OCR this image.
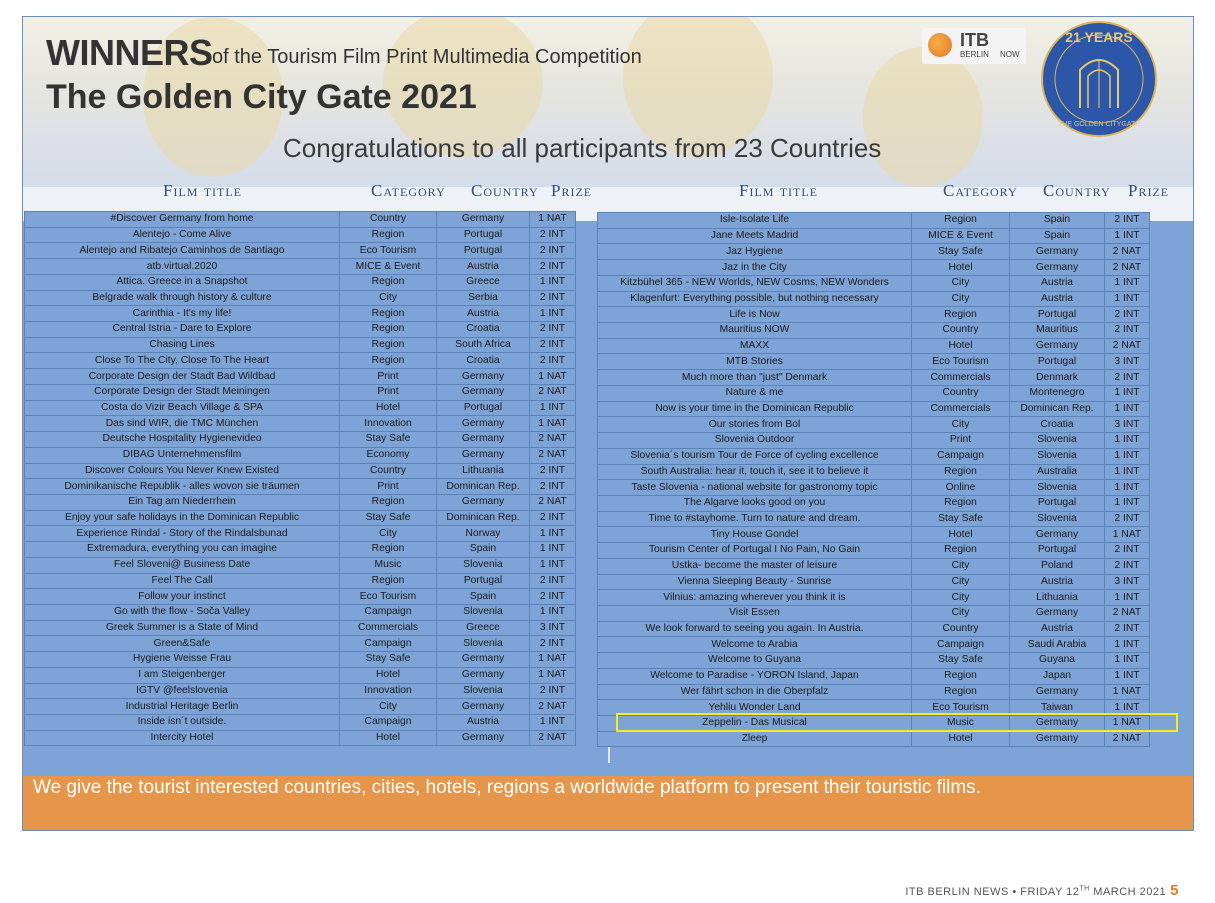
WINNERS of the Tourism Film Print Multimedia Competition
The Golden City Gate 2021
Congratulations to all participants from 23 Countries
ITB
BERLIN NOW
21 YEARS
THE GOLDEN CITYGATE
Film title	Category Country Prize	Film title	Category Country Prize
#Discover Germany from home	Country	Germany	1 NAT
Alentejo - Come Alive	Region	Portugal	2 INT
Alentejo and Ribatejo Caminhos de Santiago	Eco Tourism	Portugal	2 INT
atb.virtual.2020	MICE & Event	Austria	2 INT
Attica. Greece in a Snapshot	Region	Greece	1 INT
Belgrade walk through history & culture	City	Serbia	2 INT
Carinthia - It's my life!	Region	Austria	1 INT
Central Istria - Dare to Explore	Region	Croatia	2 INT
Chasing Lines	Region	South Africa	2 INT
Close To The City, Close To The Heart	Region	Croatia	2 INT
Corporate Design der Stadt Bad Wildbad	Print	Germany	1 NAT
Corporate Design der Stadt Meiningen	Print	Germany	2 NAT
Costa do Vizir Beach Village & SPA	Hotel	Portugal	1 INT
Das sind WIR, die TMC München	Innovation	Germany	1 NAT
Deutsche Hospitality Hygienevideo	Stay Safe	Germany	2 NAT
DIBAG Unternehmensfilm	Economy	Germany	2 NAT
Discover Colours You Never Knew Existed	Country	Lithuania	2 INT
Dominikanische Republik - alles wovon sie träumen	Print	Dominican Rep.	2 INT
Ein Tag am Niederrhein	Region	Germany	2 NAT
Enjoy your safe holidays in the Dominican Republic	Stay Safe	Dominican Rep.	2 INT
Experience Rindal - Story of the Rindalsbunad	City	Norway	1 INT
Extremadura, everything you can imagine	Region	Spain	1 INT
Feel Sloveni@ Business Date	Music	Slovenia	1 INT
Feel The Call	Region	Portugal	2 INT
Follow your instinct	Eco Tourism	Spain	2 INT
Go with the flow - Soča Valley	Campaign	Slovenia	1 INT
Greek Summer is a State of Mind	Commercials	Greece	3 INT
Green&Safe	Campaign	Slovenia	2 INT
Hygiene Weisse Frau	Stay Safe	Germany	1 NAT
I am Steigenberger	Hotel	Germany	1 NAT
IGTV @feelslovenia	Innovation	Slovenia	2 INT
Industrial Heritage Berlin	City	Germany	2 NAT
Inside isn´t outside.	Campaign	Austria	1 INT
Intercity Hotel	Hotel	Germany	2 NAT
Isle-Isolate Life	Region	Spain	2 INT
Jane Meets Madrid	MICE & Event	Spain	1 INT
Jaz Hygiene	Stay Safe	Germany	2 NAT
Jaz in the City	Hotel	Germany	2 NAT
Kitzbühel 365 - NEW Worlds, NEW Cosms, NEW Wonders	City	Austria	1 INT
Klagenfurt: Everything possible, but nothing necessary	City	Austria	1 INT
Life is Now	Region	Portugal	2 INT
Mauritius NOW	Country	Mauritius	2 INT
MAXX	Hotel	Germany	2 NAT
MTB Stories	Eco Tourism	Portugal	3 INT
Much more than "just" Denmark	Commercials	Denmark	2 INT
Nature & me	Country	Montenegro	1 INT
Now is your time in the Dominican Republic	Commercials	Dominican Rep.	1 INT
Our stories from Bol	City	Croatia	3 INT
Slovenia Outdoor	Print	Slovenia	1 INT
Slovenia´s tourism Tour de Force of cycling excellence	Campaign	Slovenia	1 INT
South Australia: hear it, touch it, see it to believe it	Region	Australia	1 INT
Taste Slovenia - national website for gastronomy topic	Online	Slovenia	1 INT
The Algarve looks good on you	Region	Portugal	1 INT
Time to #stayhome. Turn to nature and dream.	Stay Safe	Slovenia	2 INT
Tiny House Gondel	Hotel	Germany	1 NAT
Tourism Center of Portugal I No Pain, No Gain	Region	Portugal	2 INT
Ustka- become the master of leisure	City	Poland	2 INT
Vienna Sleeping Beauty - Sunrise	City	Austria	3 INT
Vilnius: amazing wherever you think it is	City	Lithuania	1 INT
Visit Essen	City	Germany	2 NAT
We look forward to seeing you again. In Austria.	Country	Austria	2 INT
Welcome to Arabia	Campaign	Saudi Arabia	1 INT
Welcome to Guyana	Stay Safe	Guyana	1 INT
Welcome to Paradise - YORON Island, Japan	Region	Japan	1 INT
Wer fährt schon in die Oberpfalz	Region	Germany	1 NAT
Yehliu Wonder Land	Eco Tourism	Taiwan	1 INT
Zeppelin - Das Musical	Music	Germany	1 NAT
Zleep	Hotel	Germany	2 NAT
We give the tourist interested countries, cities, hotels, regions a worldwide platform to present their touristic films.
ITB BERLIN NEWS • FRIDAY 12TH MARCH 2021 5
